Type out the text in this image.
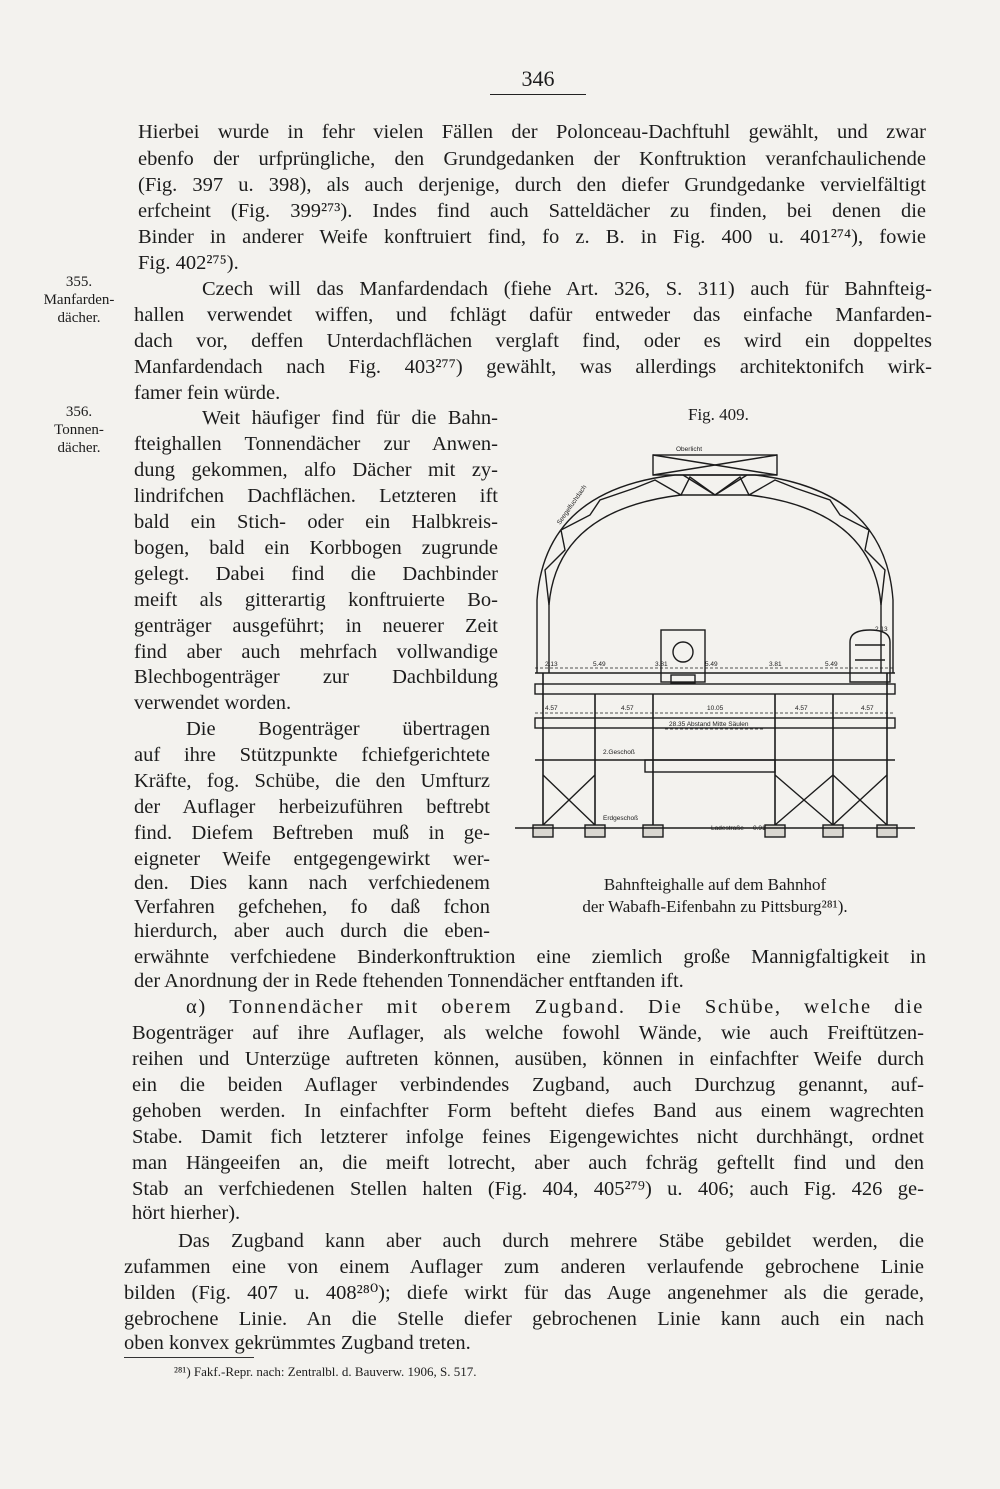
346
355.
Manfarden-
dächer.
356.
Tonnen-
dächer.
Hierbei wurde in fehr vielen Fällen der Polonceau-Dachftuhl gewählt, und zwar
ebenfo der urfprüngliche, den Grundgedanken der Konftruktion veranfchaulichende
(Fig. 397 u. 398), als auch derjenige, durch den diefer Grundgedanke vervielfältigt
erfcheint (Fig. 399²⁷³). Indes find auch Satteldächer zu finden, bei denen die
Binder in anderer Weife konftruiert find, fo z. B. in Fig. 400 u. 401²⁷⁴), fowie
Fig. 402²⁷⁵).
Czech will das Manfardendach (fiehe Art. 326, S. 311) auch für Bahnfteig-
hallen verwendet wiffen, und fchlägt dafür entweder das einfache Manfarden-
dach vor, deffen Unterdachflächen verglaft find, oder es wird ein doppeltes
Manfardendach nach Fig. 403²⁷⁷) gewählt, was allerdings architektonifch wirk-
famer fein würde.
Weit häufiger find für die Bahn-
fteighallen Tonnendächer zur Anwen-
dung gekommen, alfo Dächer mit zy-
lindrifchen Dachflächen. Letzteren ift
bald ein Stich- oder ein Halbkreis-
bogen, bald ein Korbbogen zugrunde
gelegt. Dabei find die Dachbinder
meift als gitterartig konftruierte Bo-
genträger ausgeführt; in neuerer Zeit
find aber auch mehrfach vollwandige
Blechbogenträger zur Dachbildung
verwendet worden.
Die Bogenträger übertragen
auf ihre Stützpunkte fchiefgerichtete
Kräfte, fog. Schübe, die den Umfturz
der Auflager herbeizuführen beftrebt
find. Diefem Beftreben muß in ge-
eigneter Weife entgegengewirkt wer-
den. Dies kann nach verfchiedenem
Verfahren gefchehen, fo daß fchon
hierdurch, aber auch durch die eben-
erwähnte verfchiedene Binderkonftruktion eine ziemlich große Mannigfaltigkeit in
der Anordnung der in Rede ftehenden Tonnendächer entftanden ift.
α) Tonnendächer mit oberem Zugband. Die Schübe, welche die
Bogenträger auf ihre Auflager, als welche fowohl Wände, wie auch Freiftützen-
reihen und Unterzüge auftreten können, ausüben, können in einfachfter Weife durch
ein die beiden Auflager verbindendes Zugband, auch Durchzug genannt, auf-
gehoben werden. In einfachfter Form befteht diefes Band aus einem wagrechten
Stabe. Damit fich letzterer infolge feines Eigengewichtes nicht durchhängt, ordnet
man Hängeeifen an, die meift lotrecht, aber auch fchräg geftellt find und den
Stab an verfchiedenen Stellen halten (Fig. 404, 405²⁷⁹) u. 406; auch Fig. 426 ge-
hört hierher).
Das Zugband kann aber auch durch mehrere Stäbe gebildet werden, die
zufammen eine von einem Auflager zum anderen verlaufende gebrochene Linie
bilden (Fig. 407 u. 408²⁸⁰); diefe wirkt für das Auge angenehmer als die gerade,
gebrochene Linie. An die Stelle diefer gebrochenen Linie kann auch ein nach
oben konvex gekrümmtes Zugband treten.
Fig. 409.
Oberlicht
Seegelfuchdach
2.13	5.49	3.81	5.49	3.81	5.49
2.13
4.57	4.57	10.05	4.57	4.57
28.35 Abstand Mitte Säulen
2.Geschoß
Erdgeschoß
Ladestraße 0.91
Bahnfteighalle auf dem Bahnhof
der Wabafh-Eifenbahn zu Pittsburg²⁸¹).
²⁸¹) Fakf.-Repr. nach: Zentralbl. d. Bauverw. 1906, S. 517.
